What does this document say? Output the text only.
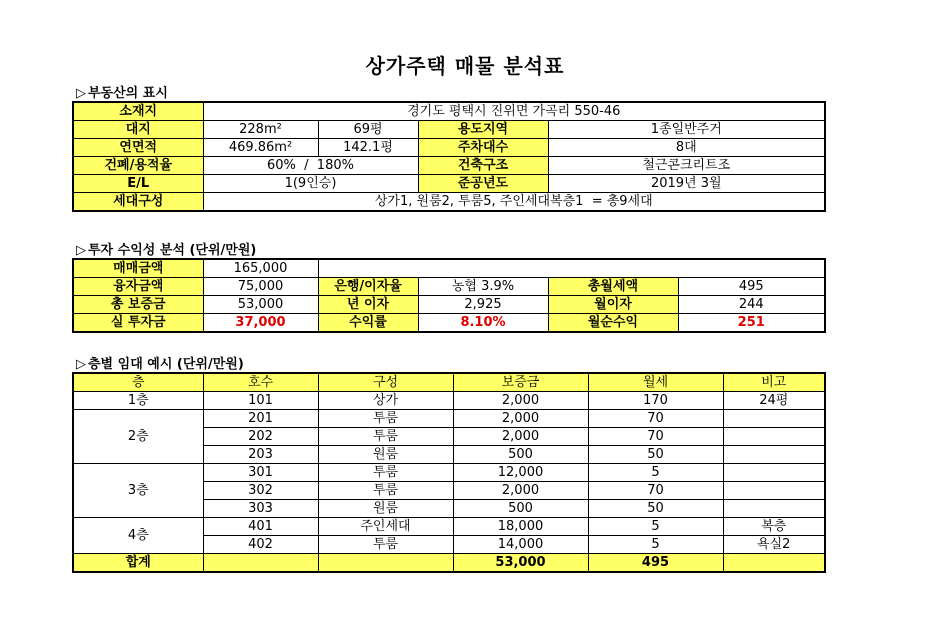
상가주택 매물 분석표
▷ 부동산의 표시
소재지	경기도 평택시 진위면 가곡리 550-46			
대지	228m²	69평	용도지역	1종일반주거
연면적	469.86m²	142.1평	주차대수	8대
건폐/용적율	60%  /  180%		건축구조	철근콘크리트조
E/L	1(9인승)		준공년도	2019년 3월
세대구성	상가1, 원룸2, 투룸5, 주인세대복층1  = 총9세대			
▷ 투자 수익성 분석 (단위/만원)
매매금액	165,000				
융자금액	75,000	은행/이자율	농협 3.9%	총월세액	495
총 보증금	53,000	년 이자	2,925	월이자	244
실 투자금	37,000	수익률	8.10%	월순수익	251
▷ 층별 임대 예시 (단위/만원)
층	호수	구성	보증금	월세	비고
1층	101	상가	2,000	170	24평
2층	201	투룸	2,000	70	
	202	투룸	2,000	70	
	203	원룸	500	50	
3층	301	투룸	12,000	5	
	302	투룸	2,000	70	
	303	원룸	500	50	
4층	401	주인세대	18,000	5	복층
	402	투룸	14,000	5	욕실2
합계			53,000	495	
